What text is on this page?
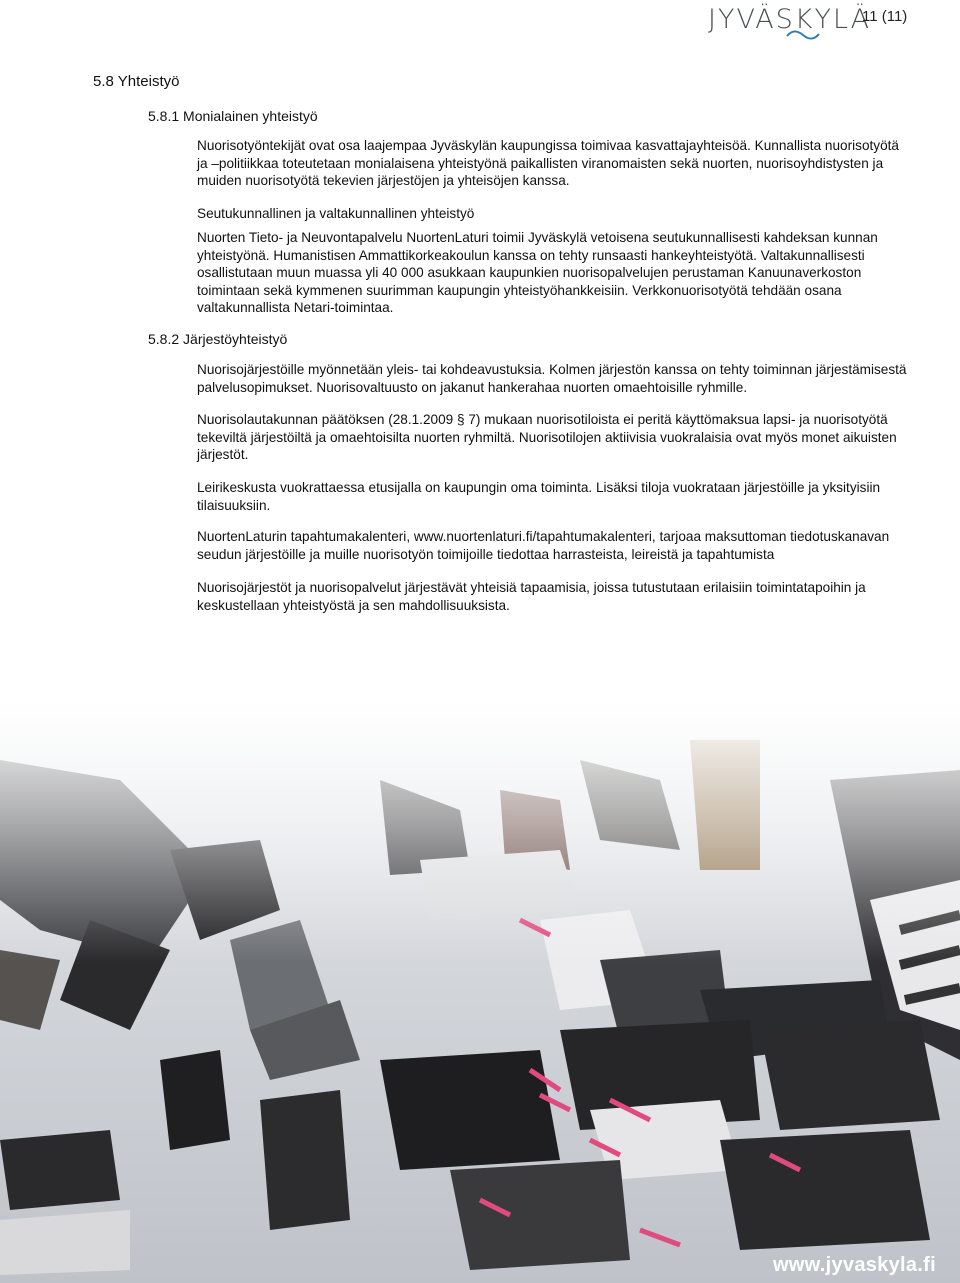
JYVÄSKYLÄ
11 (11)
5.8 Yhteistyö
5.8.1 Monialainen yhteistyö
5.8.2 Järjestöyhteistyö

Nuorisotyöntekijät ovat osa laajempaa Jyväskylän kaupungissa toimivaa kasvattajayhteisöä. Kunnallista nuorisotyötä ja –politiikkaa toteutetaan monialaisena yhteistyönä paikallisten viranomaisten sekä nuorten, nuorisoyhdistysten ja muiden nuorisotyötä tekevien järjestöjen ja yhteisöjen kanssa.

Seutukunnallinen ja valtakunnallinen yhteistyö

Nuorten Tieto- ja Neuvontapalvelu NuortenLaturi toimii Jyväskylä vetoisena seutukunnallisesti kahdeksan kunnan yhteistyönä. Humanistisen Ammattikorkeakoulun kanssa on tehty runsaasti hankeyhteistyötä. Valtakunnallisesti osallistutaan muun muassa yli 40 000 asukkaan kaupunkien nuorisopalvelujen perustaman Kanuunaverkoston toimintaan sekä kymmenen suurimman kaupungin yhteistyöhankkeisiin. Verkkonuorisotyötä tehdään osana valtakunnallista Netari-toimintaa.

Nuorisojärjestöille myönnetään yleis- tai kohdeavustuksia. Kolmen järjestön kanssa on tehty toiminnan järjestämisestä palvelusopimukset. Nuorisovaltuusto on jakanut hankerahaa nuorten omaehtoisille ryhmille.

Nuorisolautakunnan päätöksen (28.1.2009 § 7) mukaan nuorisotiloista ei peritä käyttömaksua lapsi- ja nuorisotyötä tekeviltä järjestöiltä ja omaehtoisilta nuorten ryhmiltä. Nuorisotilojen aktiivisia vuokralaisia ovat myös monet aikuisten järjestöt.

Leirikeskusta vuokrattaessa etusijalla on kaupungin oma toiminta. Lisäksi tiloja vuokrataan järjestöille ja yksityisiin tilaisuuksiin.

NuortenLaturin tapahtumakalenteri, www.nuortenlaturi.fi/tapahtumakalenteri, tarjoaa maksuttoman tiedotuskanavan seudun järjestöille ja muille nuorisotyön toimijoille tiedottaa harrasteista, leireistä ja tapahtumista

Nuorisojärjestöt ja nuorisopalvelut järjestävät yhteisiä tapaamisia, joissa tutustutaan erilaisiin toimintatapoihin ja keskustellaan yhteistyöstä ja sen mahdollisuuksista.

www.jyvaskyla.fi
